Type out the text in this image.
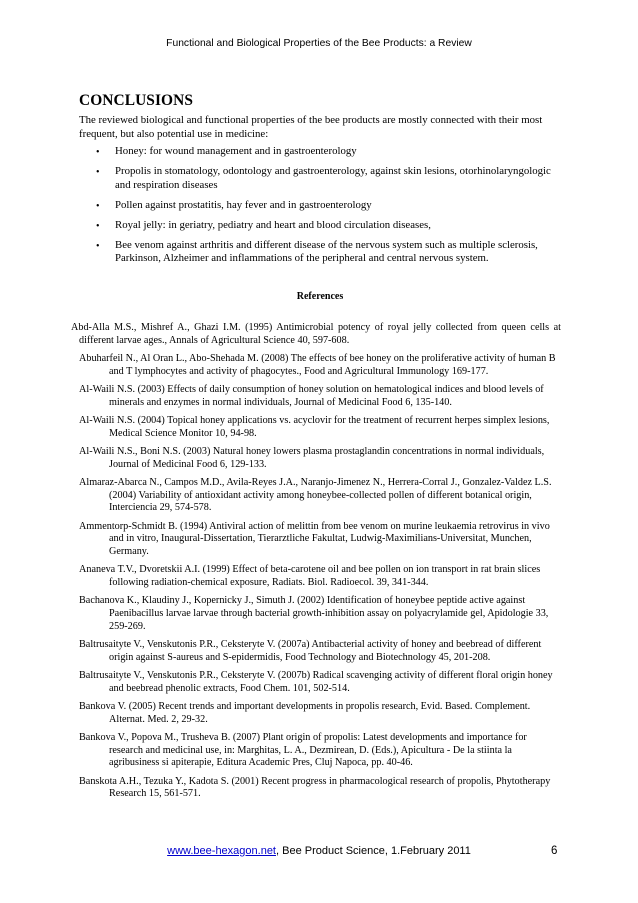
Functional and Biological Properties of the Bee Products: a Review
CONCLUSIONS

The reviewed biological and functional properties of the bee products are mostly connected with their most frequent, but also potential use in medicine:

• Honey: for wound management and in gastroenterology
• Propolis in stomatology, odontology and gastroenterology, against skin lesions, otorhinolaryngologic and respiration diseases
• Pollen against prostatitis, hay fever and in gastroenterology
• Royal jelly: in geriatry, pediatry and heart and blood circulation diseases,
• Bee venom against arthritis and different disease of the nervous system such as multiple sclerosis, Parkinson, Alzheimer and inflammations of the peripheral and central nervous system.
References

Abd-Alla M.S., Mishref A., Ghazi I.M. (1995) Antimicrobial potency of royal jelly collected from queen cells at different larvae ages., Annals of Agricultural Science 40, 597-608.

Abuharfeil N., Al Oran L., Abo-Shehada M. (2008) The effects of bee honey on the proliferative activity of human B and T lymphocytes and activity of phagocytes., Food and Agricultural Immunology 169-177.

Al-Waili N.S. (2003) Effects of daily consumption of honey solution on hematological indices and blood levels of minerals and enzymes in normal individuals, Journal of Medicinal Food 6, 135-140.

Al-Waili N.S. (2004) Topical honey applications vs. acyclovir for the treatment of recurrent herpes simplex lesions, Medical Science Monitor 10, 94-98.

Al-Waili N.S., Boni N.S. (2003) Natural honey lowers plasma prostaglandin concentrations in normal individuals, Journal of Medicinal Food 6, 129-133.

Almaraz-Abarca N., Campos M.D., Avila-Reyes J.A., Naranjo-Jimenez N., Herrera-Corral J., Gonzalez-Valdez L.S. (2004) Variability of antioxidant activity among honeybee-collected pollen of different botanical origin, Interciencia 29, 574-578.

Ammentorp-Schmidt B. (1994) Antiviral action of melittin from bee venom on murine leukaemia retrovirus in vivo and in vitro, Inaugural-Dissertation, Tierarztliche Fakultat, Ludwig-Maximilians-Universitat, Munchen, Germany.

Ananeva T.V., Dvoretskii A.I. (1999) Effect of beta-carotene oil and bee pollen on ion transport in rat brain slices following radiation-chemical exposure, Radiats. Biol. Radioecol. 39, 341-344.

Bachanova K., Klaudiny J., Kopernicky J., Simuth J. (2002) Identification of honeybee peptide active against Paenibacillus larvae larvae through bacterial growth-inhibition assay on polyacrylamide gel, Apidologie 33, 259-269.

Baltrusaityte V., Venskutonis P.R., Ceksteryte V. (2007a) Antibacterial activity of honey and beebread of different origin against S-aureus and S-epidermidis, Food Technology and Biotechnology 45, 201-208.

Baltrusaityte V., Venskutonis P.R., Ceksteryte V. (2007b) Radical scavenging activity of different floral origin honey and beebread phenolic extracts, Food Chem. 101, 502-514.

Bankova V. (2005) Recent trends and important developments in propolis research, Evid. Based. Complement. Alternat. Med. 2, 29-32.

Bankova V., Popova M., Trusheva B. (2007) Plant origin of propolis: Latest developments and importance for research and medicinal use, in: Marghitas, L. A., Dezmirean, D. (Eds.), Apicultura - De la stiinta la agribusiness si apiterapie, Editura Academic Pres, Cluj Napoca, pp. 40-46.

Banskota A.H., Tezuka Y., Kadota S. (2001) Recent progress in pharmacological research of propolis, Phytotherapy Research 15, 561-571.

www.bee-hexagon.net, Bee Product Science, 1.February 2011	6
